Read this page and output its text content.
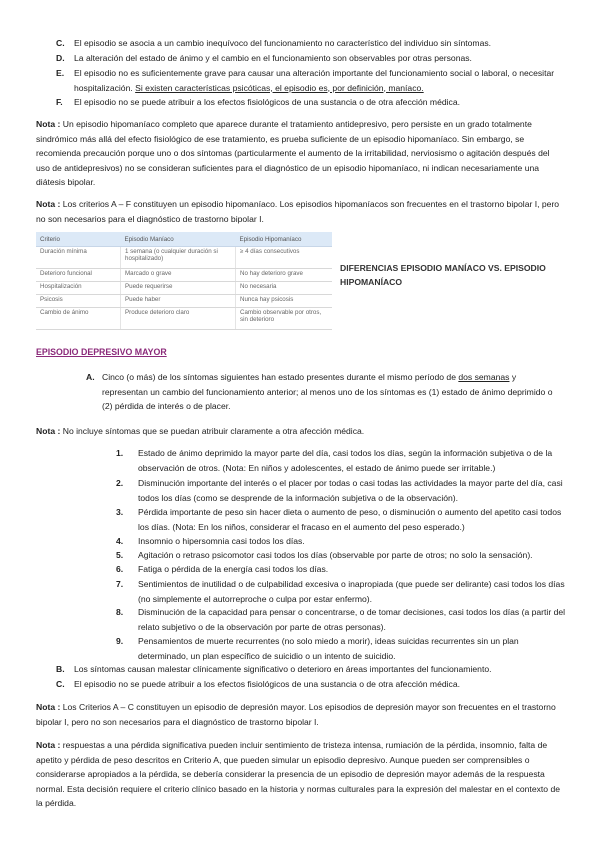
C.	El episodio se asocia a un cambio inequívoco del funcionamiento no característico del individuo sin síntomas.
D.	La alteración del estado de ánimo y el cambio en el funcionamiento son observables por otras personas.
E.	El episodio no es suficientemente grave para causar una alteración importante del funcionamiento social o laboral, o necesitar hospitalización. Si existen características psicóticas, el episodio es, por definición, maníaco.
F.	El episodio no se puede atribuir a los efectos fisiológicos de una sustancia o de otra afección médica.
Nota : Un episodio hipomaníaco completo que aparece durante el tratamiento antidepresivo, pero persiste en un grado totalmente sindrómico más allá del efecto fisiológico de ese tratamiento, es prueba suficiente de un episodio hipomaníaco. Sin embargo, se recomienda precaución porque uno o dos síntomas (particularmente el aumento de la irritabilidad, nerviosismo o agitación después del uso de antidepresivos) no se consideran suficientes para el diagnóstico de un episodio hipomaníaco, ni indican necesariamente una diátesis bipolar.
Nota : Los criterios A – F constituyen un episodio hipomaníaco. Los episodios hipomaníacos son frecuentes en el trastorno bipolar I, pero no son necesarios para el diagnóstico de trastorno bipolar I.
Criterio	Episodio Maníaco	Episodio Hipomaníaco
Duración mínima	1 semana (o cualquier duración si hospitalizado)	≥ 4 días consecutivos
Deterioro funcional	Marcado o grave	No hay deterioro grave
Hospitalización	Puede requerirse	No necesaria
Psicosis	Puede haber	Nunca hay psicosis
Cambio de ánimo	Produce deterioro claro	Cambio observable por otros, sin deterioro
DIFERENCIAS EPISODIO MANÍACO VS. EPISODIO HIPOMANÍACO
EPISODIO DEPRESIVO MAYOR
A. Cinco (o más) de los síntomas siguientes han estado presentes durante el mismo período de dos semanas y representan un cambio del funcionamiento anterior; al menos uno de los síntomas es (1) estado de ánimo deprimido o (2) pérdida de interés o de placer.
Nota : No incluye síntomas que se puedan atribuir claramente a otra afección médica.
1.	Estado de ánimo deprimido la mayor parte del día, casi todos los días, según la información subjetiva o de la observación de otros. (Nota: En niños y adolescentes, el estado de ánimo puede ser irritable.)
2.	Disminución importante del interés o el placer por todas o casi todas las actividades la mayor parte del día, casi todos los días (como se desprende de la información subjetiva o de la observación).
3.	Pérdida importante de peso sin hacer dieta o aumento de peso, o disminución o aumento del apetito casi todos los días. (Nota: En los niños, considerar el fracaso en el aumento del peso esperado.)
4.	Insomnio o hipersomnia casi todos los días.
5.	Agitación o retraso psicomotor casi todos los días (observable por parte de otros; no solo la sensación).
6.	Fatiga o pérdida de la energía casi todos los días.
7.	Sentimientos de inutilidad o de culpabilidad excesiva o inapropiada (que puede ser delirante) casi todos los días (no simplemente el autorreproche o culpa por estar enfermo).
8.	Disminución de la capacidad para pensar o concentrarse, o de tomar decisiones, casi todos los días (a partir del relato subjetivo o de la observación por parte de otras personas).
9.	Pensamientos de muerte recurrentes (no solo miedo a morir), ideas suicidas recurrentes sin un plan determinado, un plan específico de suicidio o un intento de suicidio.
B.	Los síntomas causan malestar clínicamente significativo o deterioro en áreas importantes del funcionamiento.
C.	El episodio no se puede atribuir a los efectos fisiológicos de una sustancia o de otra afección médica.
Nota : Los Criterios A – C constituyen un episodio de depresión mayor. Los episodios de depresión mayor son frecuentes en el trastorno bipolar I, pero no son necesarios para el diagnóstico de trastorno bipolar I.
Nota : respuestas a una pérdida significativa pueden incluir sentimiento de tristeza intensa, rumiación de la pérdida, insomnio, falta de apetito y pérdida de peso descritos en Criterio A, que pueden simular un episodio depresivo. Aunque pueden ser comprensibles o considerarse apropiados a la pérdida, se debería considerar la presencia de un episodio de depresión mayor además de la respuesta normal. Esta decisión requiere el criterio clínico basado en la historia y normas culturales para la expresión del malestar en el contexto de la pérdida.
